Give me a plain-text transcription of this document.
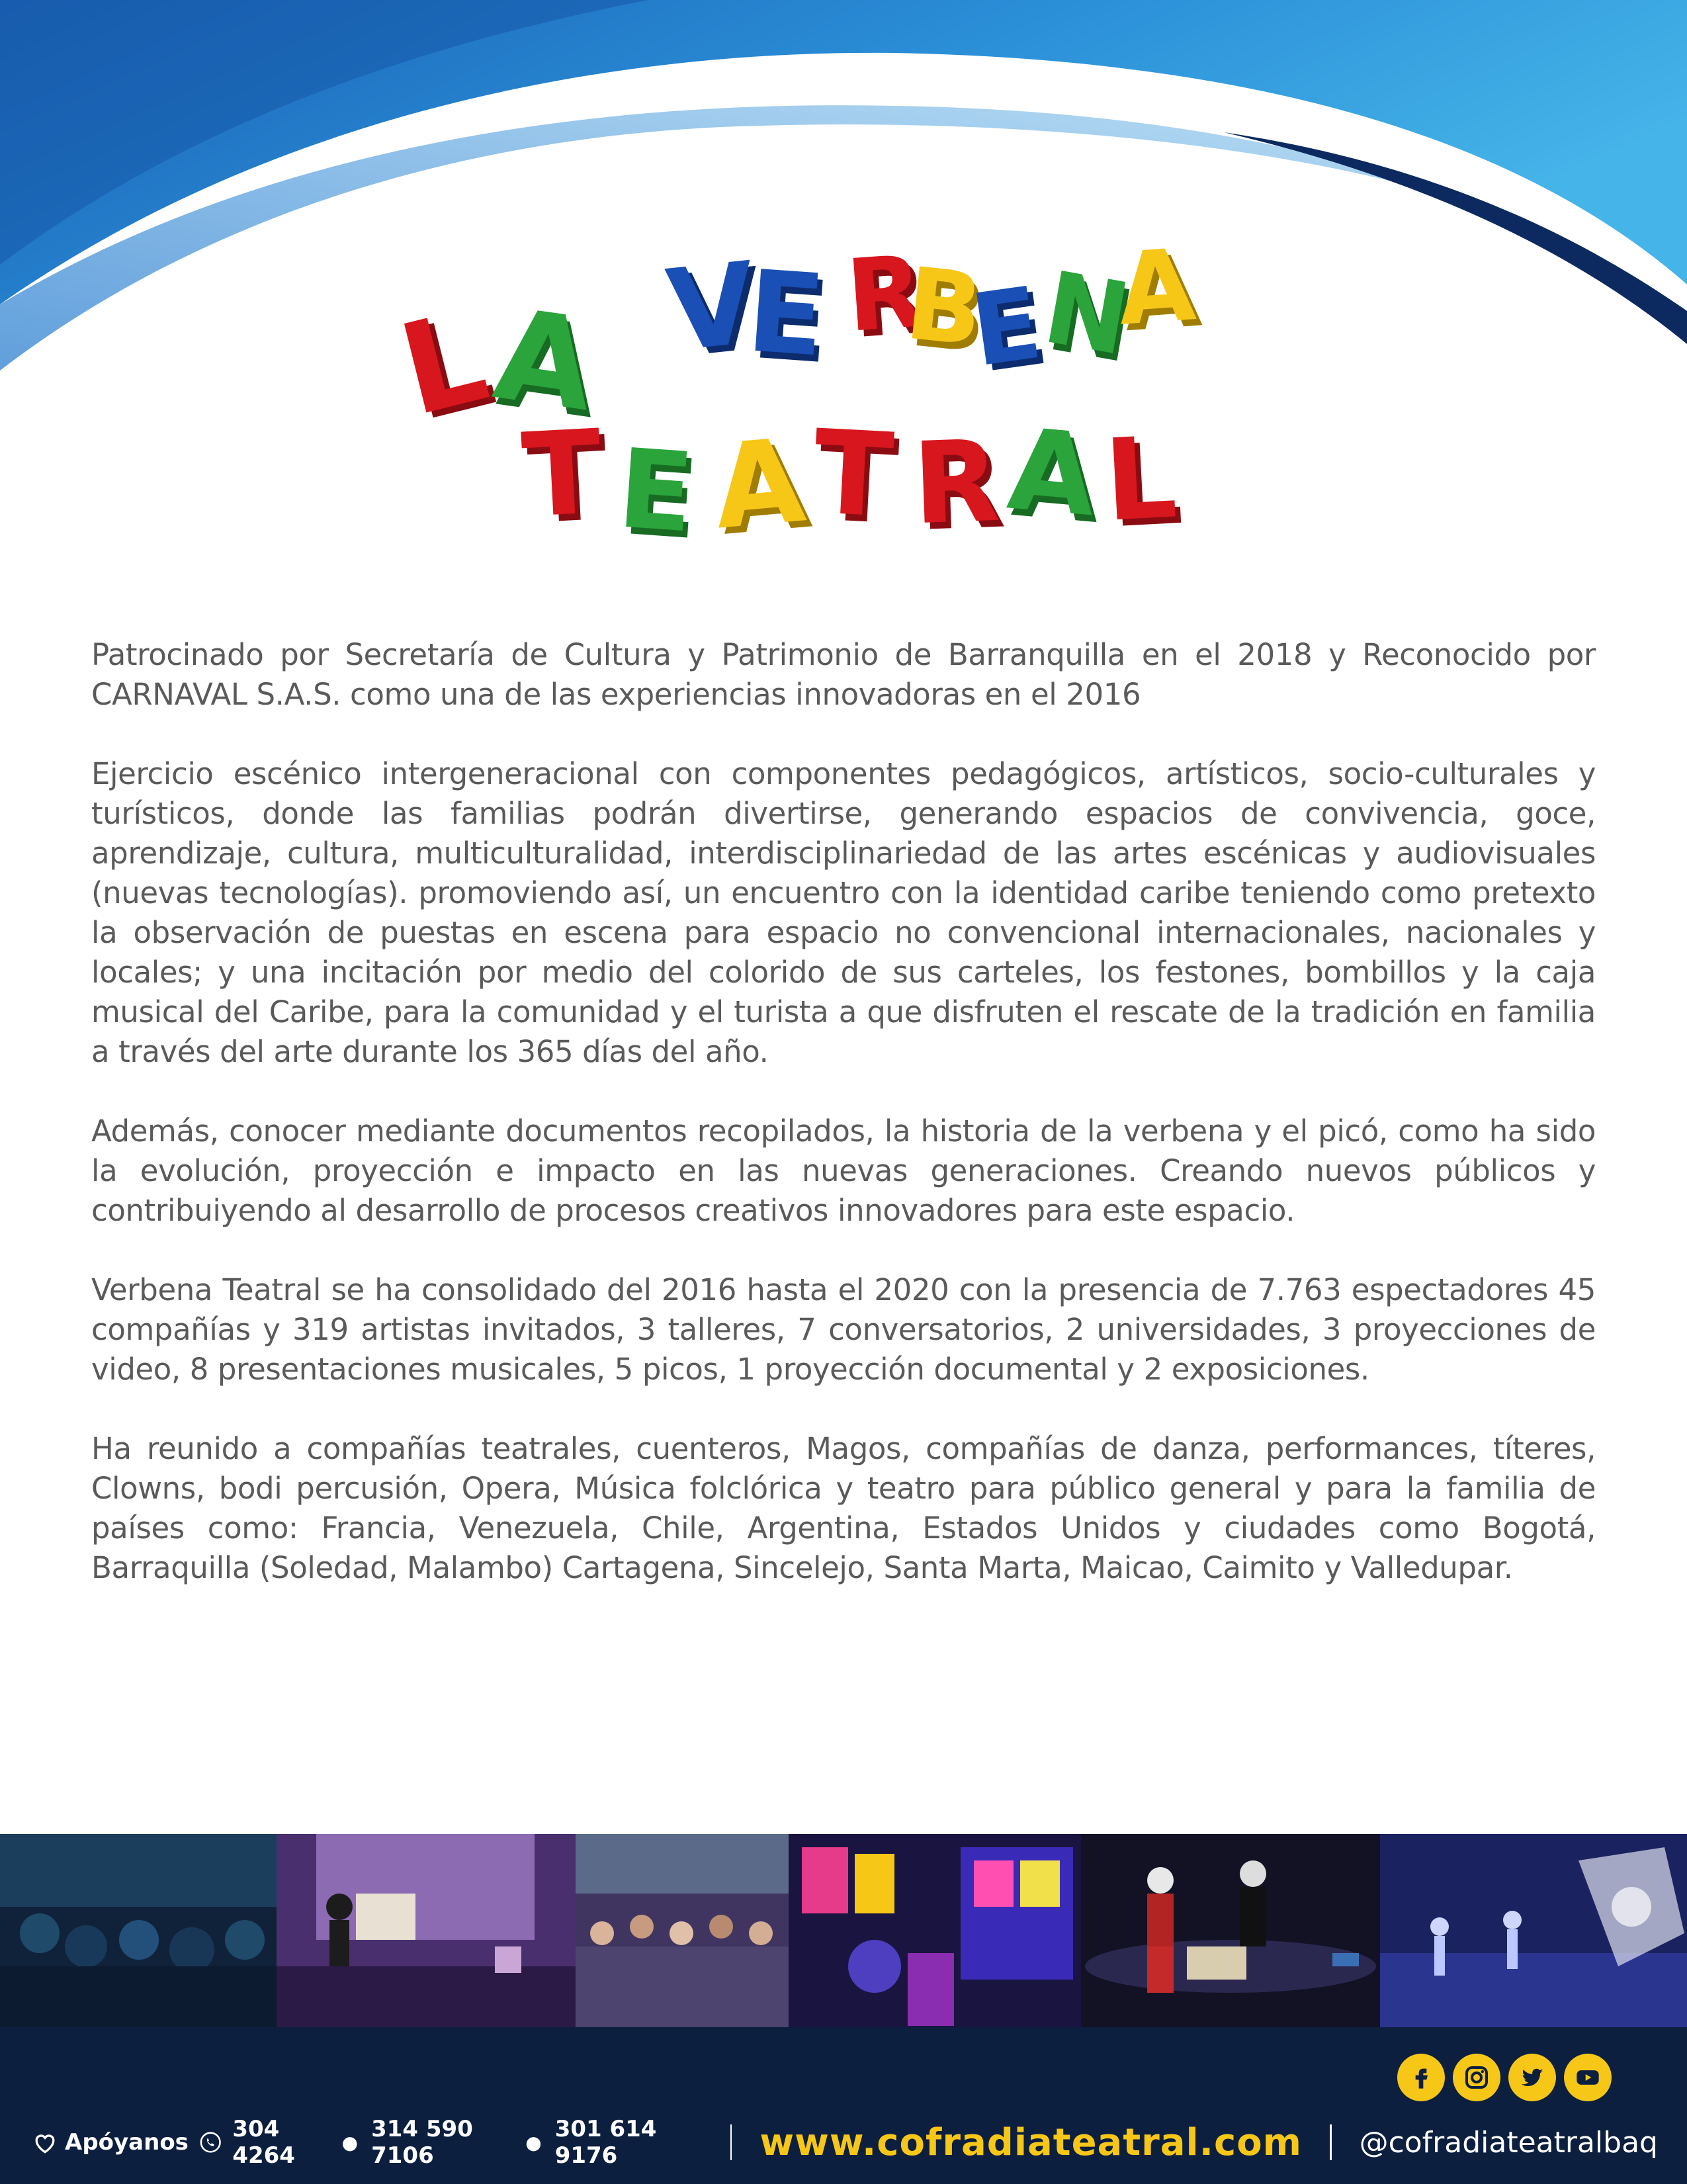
L
A V
E R
B
E
N
A
T E A T R A L

Patrocinado por Secretaría de Cultura y Patrimonio de Barranquilla en el 2018 y Reconocido por CARNAVAL S.A.S. como una de las experiencias innovadoras en el 2016

Ejercicio escénico intergeneracional con componentes pedagógicos, artísticos, socio-culturales y turísticos, donde las familias podrán divertirse, generando espacios de convivencia, goce, aprendizaje, cultura, multiculturalidad, interdisciplinariedad de las artes escénicas y audiovisuales (nuevas tecnologías). promoviendo así, un encuentro con la identidad caribe teniendo como pretexto la observación de puestas en escena para espacio no convencional internacionales, nacionales y locales; y una incitación por medio del colorido de sus carteles, los festones, bombillos y la caja musical del Caribe, para la comunidad y el turista a que disfruten el rescate de la tradición en familia a través del arte durante los 365 días del año.

Además, conocer mediante documentos recopilados, la historia de la verbena y el picó, como ha sido la evolución, proyección e impacto en las nuevas generaciones. Creando nuevos públicos y contribuiyendo al desarrollo de procesos creativos innovadores para este espacio.

Verbena Teatral se ha consolidado del 2016 hasta el 2020 con la presencia de 7.763 espectadores 45 compañías y 319 artistas invitados, 3 talleres, 7 conversatorios, 2 universidades, 3 proyecciones de video, 8 presentaciones musicales, 5 picos, 1 proyección documental y 2 exposiciones.

Ha reunido a compañías teatrales, cuenteros, Magos, compañías de danza, performances, títeres, Clowns, bodi percusión, Opera, Música folclórica y teatro para público general y para la familia de países como: Francia, Venezuela, Chile, Argentina, Estados Unidos y ciudades como Bogotá, Barraquilla (Soledad, Malambo) Cartagena, Sincelejo, Santa Marta, Maicao, Caimito y Valledupar.

Apóyanos 304 4264	● 314 590 7106	● 301 614 9176	www.cofradiateatral.com @cofradiateatralbaq
